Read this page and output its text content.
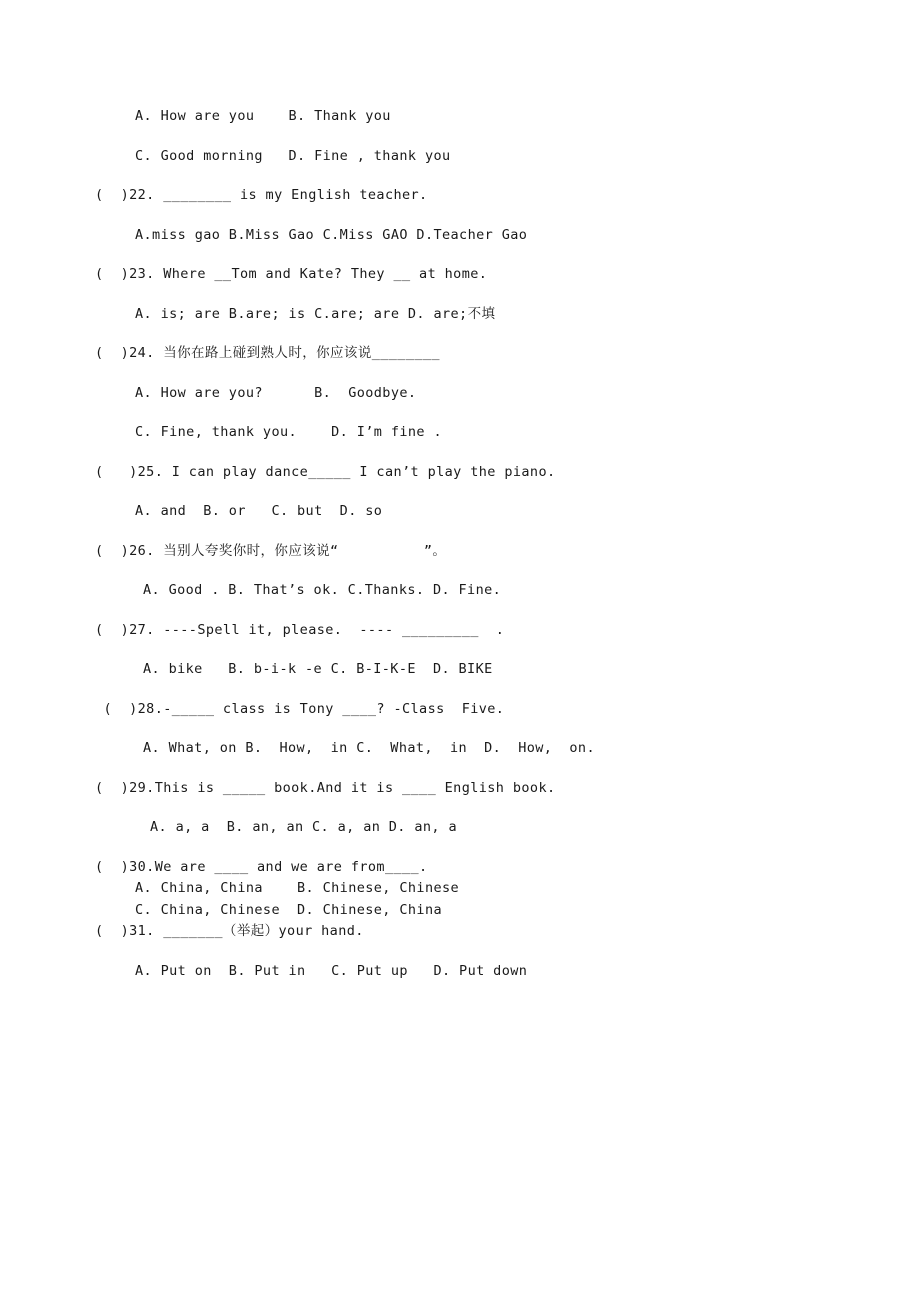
A. How are you    B. Thank you
C. Good morning   D. Fine , thank you
(  )22. ________ is my English teacher.
A.miss gao B.Miss Gao C.Miss GAO D.Teacher Gao
(  )23. Where __Tom and Kate? They __ at home.
A. is; are B.are; is C.are; are D. are;不填
(  )24. 当你在路上碰到熟人时，你应该说________
A. How are you?      B.  Goodbye.
C. Fine, thank you.    D. I’m fine .
(   )25. I can play dance_____ I can’t play the piano.
A. and  B. or   C. but  D. so
(  )26. 当别人夸奖你时，你应该说“          ”。
A. Good . B. That’s ok. C.Thanks. D. Fine.
(  )27. ----Spell it, please.  ---- _________  .
A. bike   B. b-i-k -e C. B-I-K-E  D. BIKE
(  )28.-_____ class is Tony ____? -Class  Five.
A. What, on B.  How,  in C.  What,  in  D.  How,  on.
(  )29.This is _____ book.And it is ____ English book.
A. a, a  B. an, an C. a, an D. an, a
(  )30.We are ____ and we are from____.
A. China, China    B. Chinese, Chinese
C. China, Chinese  D. Chinese, China
(  )31. _______（举起）your hand.
A. Put on  B. Put in   C. Put up   D. Put down
